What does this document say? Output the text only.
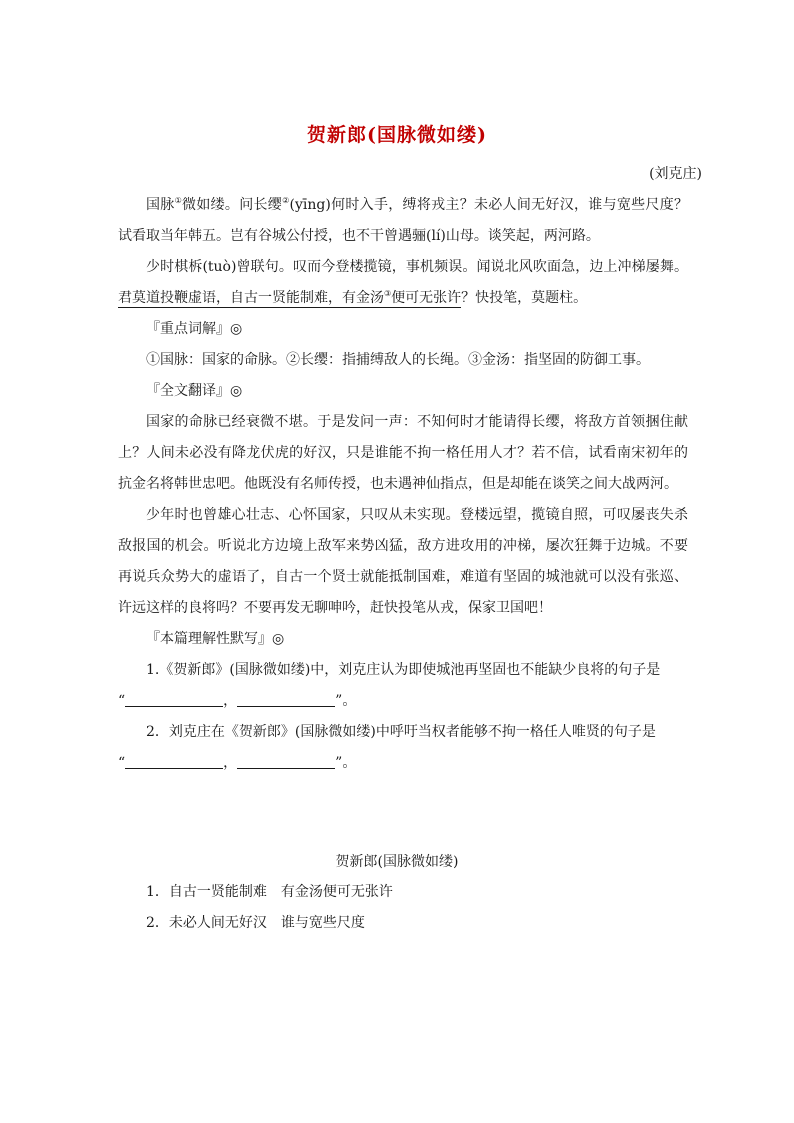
贺新郎(国脉微如缕)
(刘克庄)

国脉①微如缕。问长缨②(yīng)何时入手，缚将戎主？未必人间无好汉，谁与宽些尺度？试看取当年韩五。岂有谷城公付授，也不干曾遇骊(lí)山母。谈笑起，两河路。

少时棋柝(tuò)曾联句。叹而今登楼揽镜，事机频误。闻说北风吹面急，边上冲梯屡舞。君莫道投鞭虚语，自古一贤能制难，有金汤③便可无张许？快投笔，莫题柱。

『重点词解』◎

①国脉：国家的命脉。②长缨：指捕缚敌人的长绳。③金汤：指坚固的防御工事。

『全文翻译』◎

国家的命脉已经衰微不堪。于是发问一声：不知何时才能请得长缨，将敌方首领捆住献上？人间未必没有降龙伏虎的好汉，只是谁能不拘一格任用人才？若不信，试看南宋初年的抗金名将韩世忠吧。他既没有名师传授，也未遇神仙指点，但是却能在谈笑之间大战两河。

少年时也曾雄心壮志、心怀国家，只叹从未实现。登楼远望，揽镜自照，可叹屡丧失杀敌报国的机会。听说北方边境上敌军来势凶猛，敌方进攻用的冲梯，屡次狂舞于边城。不要再说兵众势大的虚语了，自古一个贤士就能抵制国难，难道有坚固的城池就可以没有张巡、许远这样的良将吗？不要再发无聊呻吟，赶快投笔从戎，保家卫国吧！

『本篇理解性默写』◎

1.《贺新郎》(国脉微如缕)中，刘克庄认为即使城池再坚固也不能缺少良将的句子是

“	，	”。

2．刘克庄在《贺新郎》(国脉微如缕)中呼吁当权者能够不拘一格任人唯贤的句子是

“	，	”。

贺新郎(国脉微如缕)
1．自古一贤能制难　有金汤便可无张许
2．未必人间无好汉　谁与宽些尺度
